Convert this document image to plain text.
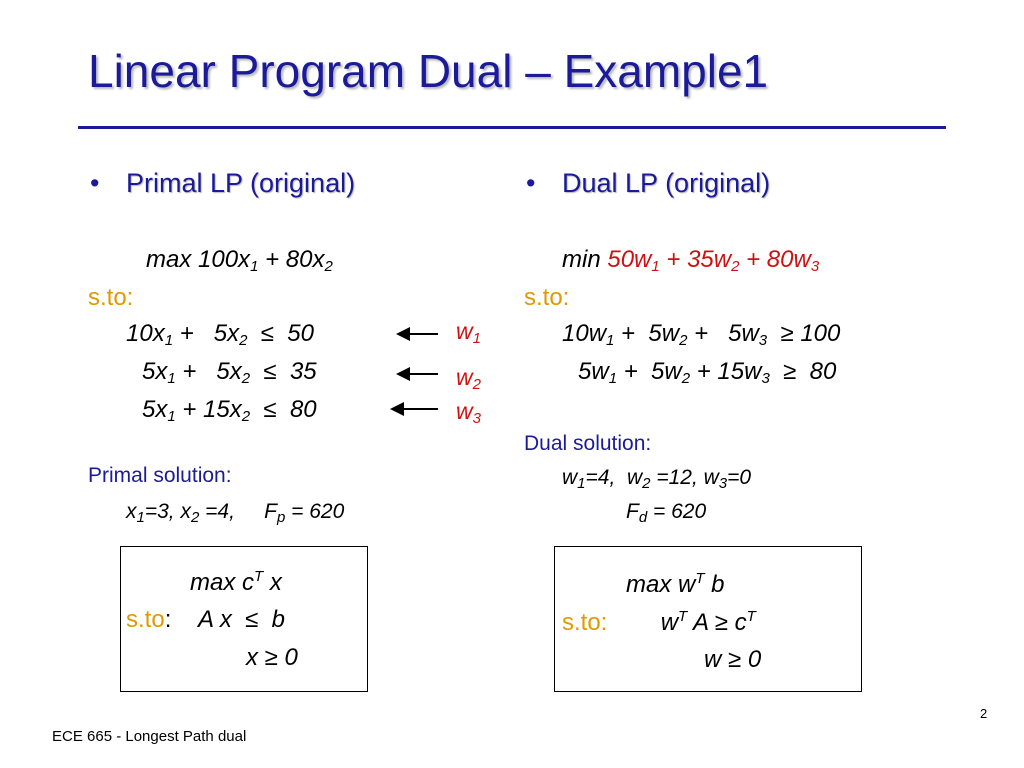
Linear Program Dual – Example1
• Primal LP (original)
$\max 100x_1 + 80x_2$
s.to:
$10x_1 + 5x_2 \le 50$
$5x_1 + 5x_2 \le 35$
$5x_1 + 15x_2 \le 80$
$w_1$
$w_2$
$w_3$
Primal solution:
$x_1=3$, $x_2 =4$,     $F_p = 620$
• Dual LP (original)
$\min 50w_1 + 35w_2 + 80w_3$
s.to:
$10w_1 + 5w_2 + 5w_3 \ge 100$
$5w_1 + 5w_2 + 15w_3 \ge 80$
Dual solution:
$w_1=4$,  $w_2 =12$, $w_3=0$
$F_d = 620$
$\max c^T$ x
s.to:    A x  ≤  b
x ≥ 0
$\max w^T$ b
s.to:        $w^T$ $A \ge c^T$
w ≥ 0
ECE 665 - Longest Path dual
2
